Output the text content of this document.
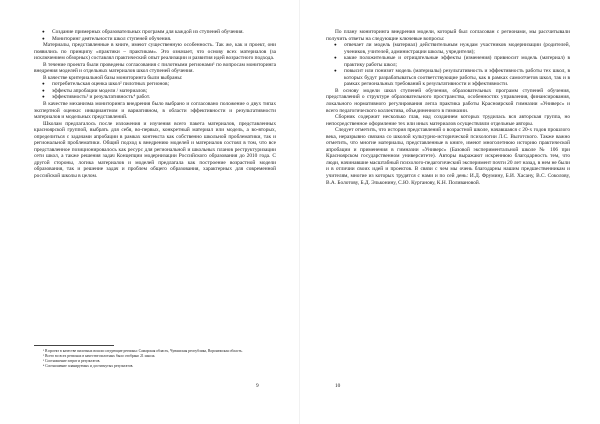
● Создание примерных образовательных программ для каждой из ступеней обучения.
● Мониторинг деятельности школ ступеней обучения.

Материалы, представленные в книге, имеют существенную особенность. Так же, как и проект, они появились по принципу «практики – практикам». Это означает, что основу всех материалов (за исключением обзорных) составлял практический опыт реализации и развития идей возрастного подхода.

В течение проекта были проведены согласования с пилотными регионами¹ по вопросам мониторинга внедрения моделей и отдельных материалов школ ступеней обучения.

В качестве критериальной базы мониторинга были выбраны:

● потребительская оценка школ² пилотных регионов;
● эффекты апробации модели / материалов;
● эффективность³ и результативность⁴ работ.

В качестве механизма мониторинга внедрения было выбрано и согласовано положение о двух типах экспертной оценки: инвариантном и вариативном, в области эффективности и результативности материалов и модельных представлений.

Школам предлагалось после изложения и изучения всего пакета материалов, представленных красноярской группой, выбрать для себя, во-первых, конкретный материал или модель, а во-вторых, определиться с задачами апробации в рамках контекста как собственно школьной проблематики, так и региональной проблематики. Общий подход к внедрению моделей и материалов состоял в том, что все представленное позиционировалось как ресурс для региональной и школьных планов реструктуризации сети школ, а также решения задач Концепции модернизации Российского образования до 2010 года. С другой стороны, логика материалов и моделей предлагала как построение возрастной модели образования, так и решение задач и проблем общего образования, характерных для современной российской школы в целом.

¹ В проект в качестве пилотных вошли следующие регионы: Самарская область, Чувашская республика, Воронежская область.

² Всего во всех регионах в качестве пилотных было отобрано 21 школа.

³ Соотношение затрат и результатов.

⁴ Соотношение планируемых и достигнутых результатов.

9

По плану мониторинга внедрения модели, который был согласован с регионами, мы рассчитывали получить ответы на следующие ключевые вопросы:

● отвечает ли модель (материал) действительным нуждам участников модернизации (родителей, учеников, учителей, администрации школы, учредителя);
● какие положительные и отрицательные эффекты (изменения) привносит модель (материал) в практику работы школ;
● повысит или понизит модель (материалы) результативность и эффективность работы тех школ, в которых будут разрабатываться соответствующие работы, как в рамках самоотчетов школ, так и в рамках региональных требований к результативности и эффективности.

В основу модели школ ступеней обучения, образовательных программ ступеней обучения, представлений о структуре образовательного пространства, особенностях управления, финансирования, локального нормативного регулирования легла практика работы Красноярской гимназии «Универс» и всего педагогического коллектива, объединенного в гимназии.

Сборник содержит несколько глав, над созданием которых трудилась вся авторская группа, но непосредственное оформление тех или иных материалов осуществляли отдельные авторы.

Следует отметить, что история представлений о возрастной школе, начавшаяся с 20-х годов прошлого века, неразрывно связана со школой культурно-исторической психологии Л.С. Выготского. Также важно отметить, что многие материалы, представленные в книге, имеют многолетнюю историю практической апробации и применения в гимназии «Универс» (Базовой экспериментальной школе № 106 при Красноярском государственном университете). Авторы выражают искреннюю благодарность тем, что люди, начинавшие масштабный психолого-педагогический эксперимент почти 20 лет назад, в нем не были и в отличии своих идей и проектов. В связи с чем мы очень благодарны нашим предшественникам и учителям, многие из которых трудятся с нами и по сей день: И.Д. Фрумину, Б.И. Хасану, В.С. Соколову, В.А. Болотову, Б.Д. Эльконину, С.Ю. Курганову, К.Н. Поливановой.

10
